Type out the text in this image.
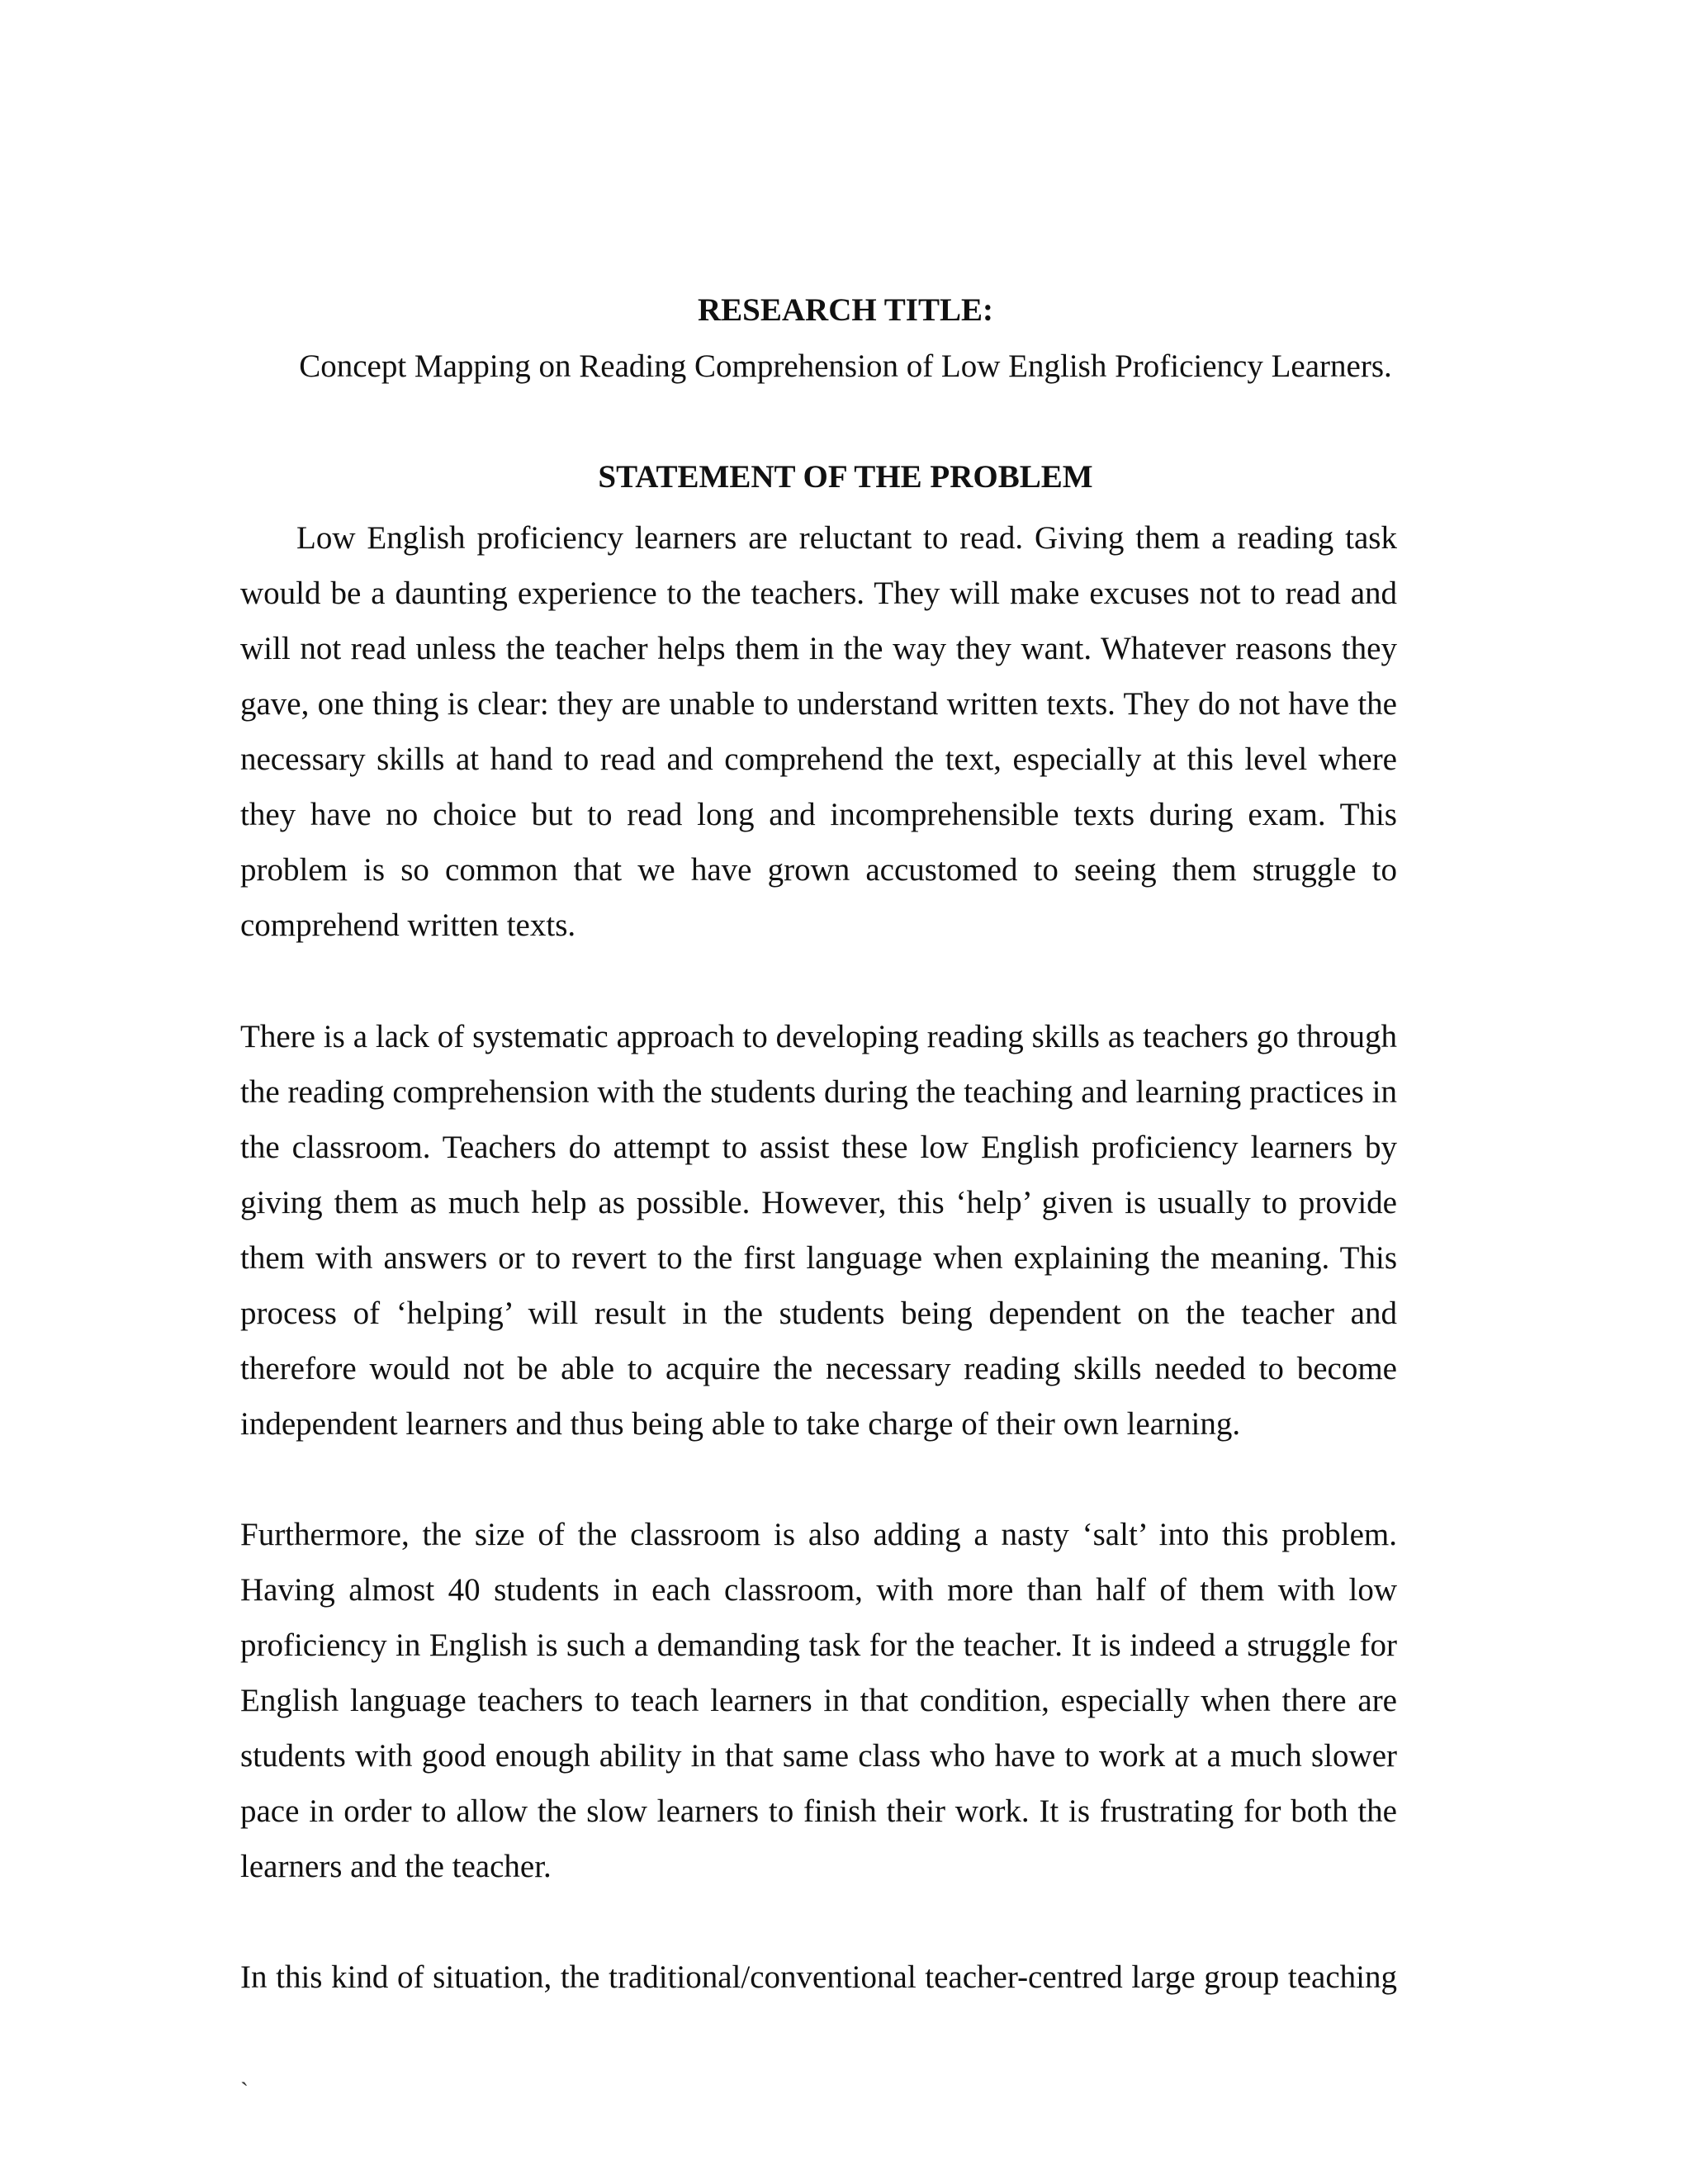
RESEARCH TITLE:

Concept Mapping on Reading Comprehension of Low English Proficiency Learners.

STATEMENT OF THE PROBLEM

Low English proficiency learners are reluctant to read. Giving them a reading task would be a daunting experience to the teachers. They will make excuses not to read and will not read unless the teacher helps them in the way they want. Whatever reasons they gave, one thing is clear: they are unable to understand written texts. They do not have the necessary skills at hand to read and comprehend the text, especially at this level where they have no choice but to read long and incomprehensible texts during exam. This problem is so common that we have grown accustomed to seeing them struggle to comprehend written texts.

There is a lack of systematic approach to developing reading skills as teachers go through the reading comprehension with the students during the teaching and learning practices in the classroom. Teachers do attempt to assist these low English proficiency learners by giving them as much help as possible. However, this ‘help’ given is usually to provide them with answers or to revert to the first language when explaining the meaning. This process of ‘helping’ will result in the students being dependent on the teacher and therefore would not be able to acquire the necessary reading skills needed to become independent learners and thus being able to take charge of their own learning.

Furthermore, the size of the classroom is also adding a nasty ‘salt’ into this problem. Having almost 40 students in each classroom, with more than half of them with low proficiency in English is such a demanding task for the teacher. It is indeed a struggle for English language teachers to teach learners in that condition, especially when there are students with good enough ability in that same class who have to work at a much slower pace in order to allow the slow learners to finish their work. It is frustrating for both the learners and the teacher.

In this kind of situation, the traditional/conventional teacher-centred large group teaching

`
